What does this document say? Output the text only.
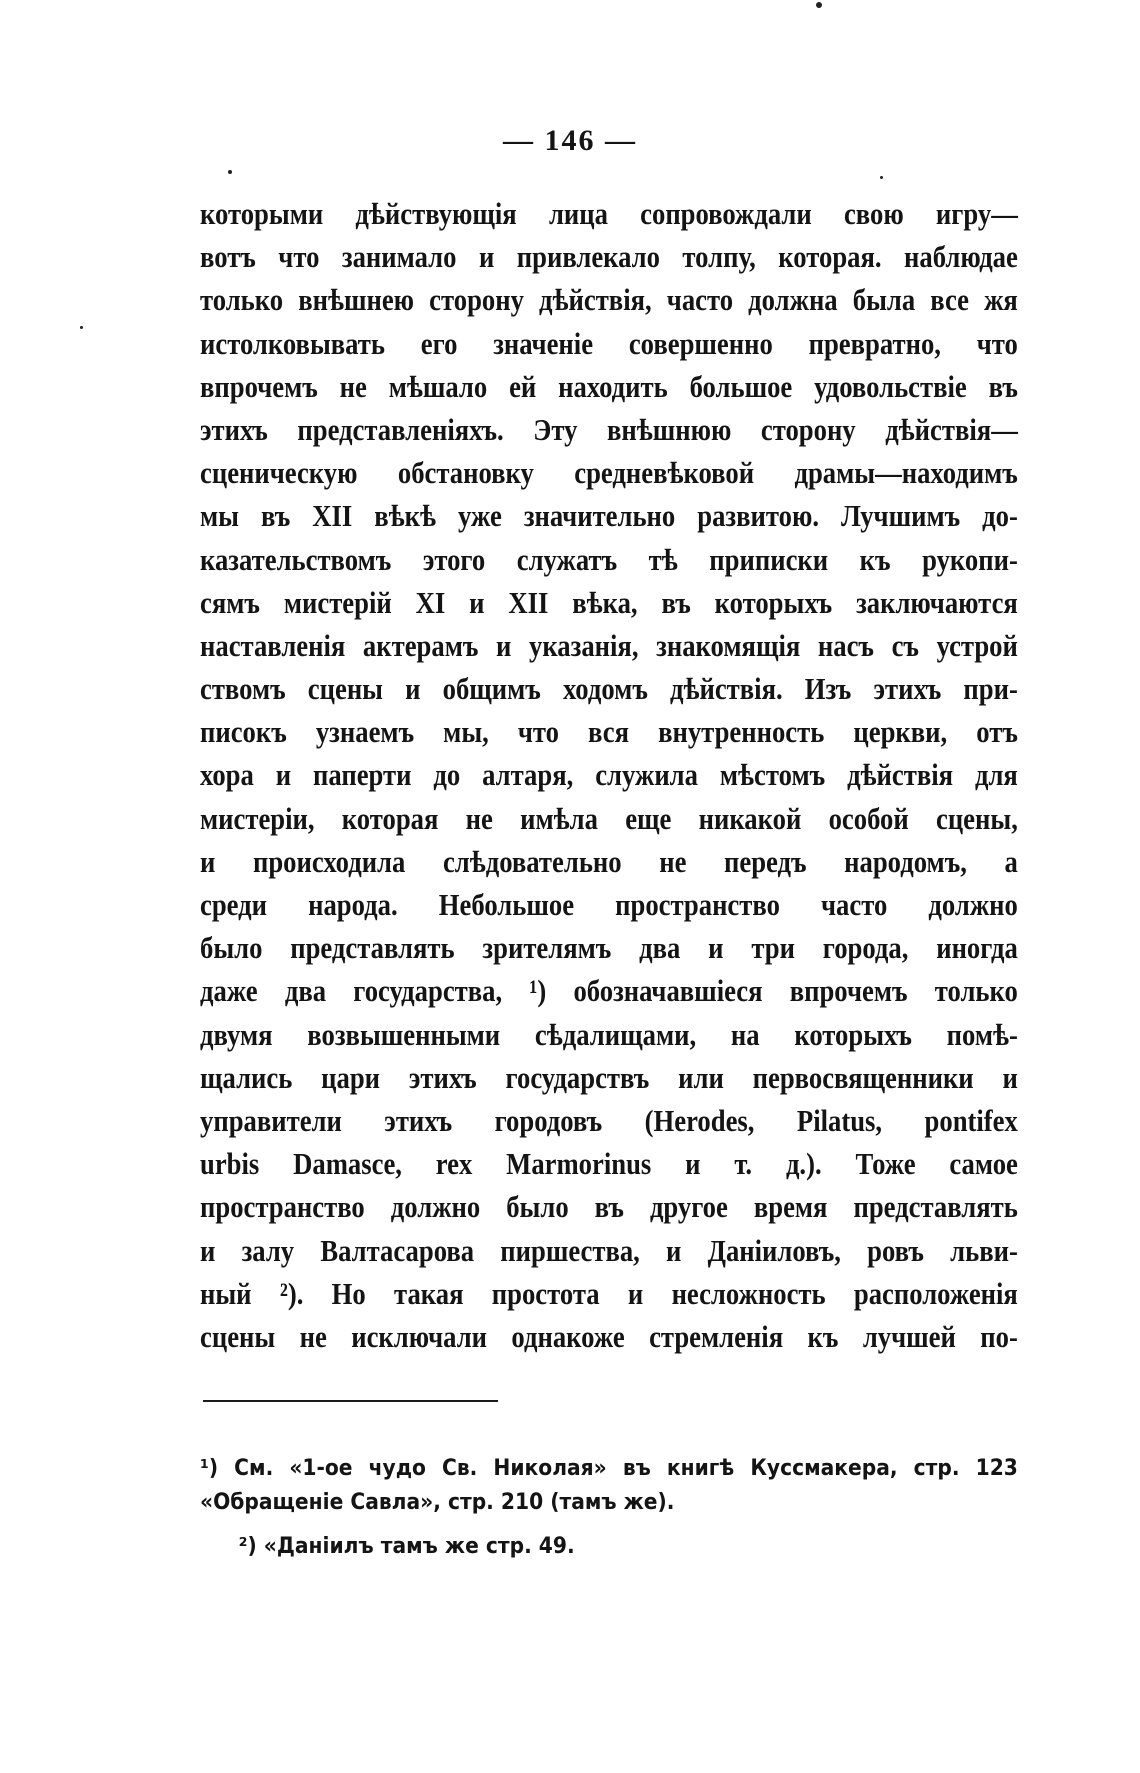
— 146 —
которыми дѣйствующія лица сопровождали свою игру—
вотъ что занимало и привлекало толпу, которая. наблюдае
только внѣшнею сторону дѣйствія, часто должна была все жя
истолковывать его значеніе совершенно превратно, что
впрочемъ не мѣшало ей находить большое удовольствіе въ
этихъ представленіяхъ. Эту внѣшнюю сторону дѣйствія—
сценическую обстановку средневѣковой драмы—находимъ
мы въ XII вѣкѣ уже значительно развитою. Лучшимъ до-
казательствомъ этого служатъ тѣ приписки къ рукопи-
сямъ мистерій XI и XII вѣка, въ которыхъ заключаются
наставленія актерамъ и указанія, знакомящія насъ съ устрой
ствомъ сцены и общимъ ходомъ дѣйствія. Изъ этихъ при-
писокъ узнаемъ мы, что вся внутренность церкви, отъ
хора и паперти до алтаря, служила мѣстомъ дѣйствія для
мистеріи, которая не имѣла еще никакой особой сцены,
и происходила слѣдовательно не передъ народомъ, а
среди народа. Небольшое пространство часто должно
было представлять зрителямъ два и три города, иногда
даже два государства, ¹) обозначавшіеся впрочемъ только
двумя возвышенными сѣдалищами, на которыхъ помѣ-
щались цари этихъ государствъ или первосвященники и
управители этихъ городовъ (Herodes, Pilatus, pontifex
urbis Damasce, rex Marmorinus и т. д.). Тоже самое
пространство должно было въ другое время представлять
и залу Валтасарова пиршества, и Даніиловъ, ровъ льви-
ный ²). Но такая простота и несложность расположенія
сцены не исключали однакоже стремленія къ лучшей по-
¹) См. «1-ое чудо Св. Николая» въ книгѣ Куссмакера, стр. 123
«Обращеніе Савла», стр. 210 (тамъ же).
²) «Даніилъ тамъ же стр. 49.
